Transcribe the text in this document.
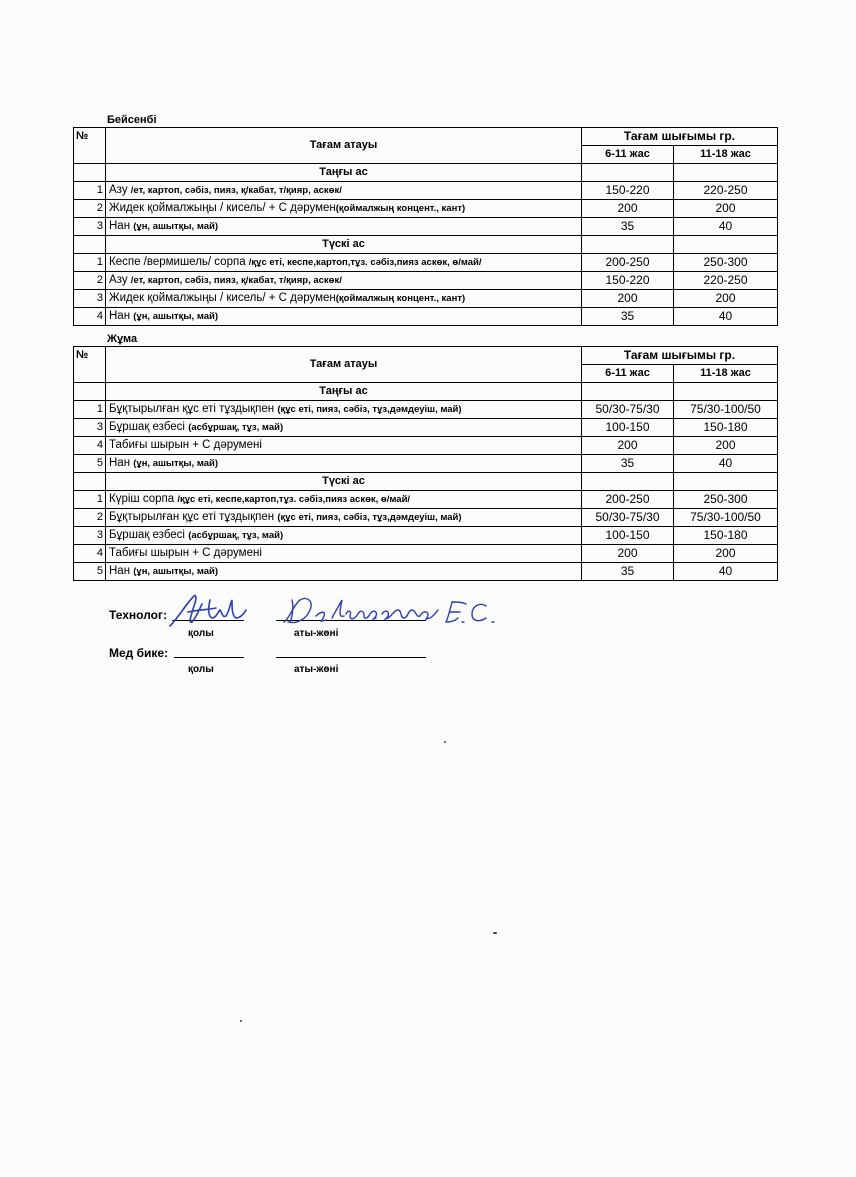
Бейсенбі
№	Тағам атауы	Тағам шығымы гр.	
		6-11 жас	11-18 жас
	Таңғы ас		
1	Азу /ет, картоп, сәбіз, пияз, қ/кабат, т/қияр, аскөк/	150-220	220-250
2	Жидек қоймалжыңы / кисель/ + С дәрумен(қоймалжың концент., кант)	200	200
3	Нан (ұн, ашытқы, май)	35	40
	Түскі ас		
1	Кеспе /вермишель/ сорпа /құс еті, кеспе,картоп,тұз. сәбіз,пияз аскөк, ө/май/	200-250	250-300
2	Азу /ет, картоп, сәбіз, пияз, қ/кабат, т/қияр, аскөк/	150-220	220-250
3	Жидек қоймалжыңы / кисель/ + С дәрумен(қоймалжың концент., кант)	200	200
4	Нан (ұн, ашытқы, май)	35	40
Жұма
№	Тағам атауы	Тағам шығымы гр.	
		6-11 жас	11-18 жас
	Таңғы ас		
1	Бұқтырылған құс еті тұздықпен (құс еті, пияз, сәбіз, тұз,дәмдеуіш, май)	50/30-75/30	75/30-100/50
3	Бұршақ езбесі (асбұршақ, тұз, май)	100-150	150-180
4	Табиғы шырын + С дәрумені	200	200
5	Нан (ұн, ашытқы, май)	35	40
	Түскі ас		
1	Күріш сорпа /құс еті, кеспе,картоп,тұз. сәбіз,пияз аскөк, ө/май/	200-250	250-300
2	Бұқтырылған құс еті тұздықпен (құс еті, пияз, сәбіз, тұз,дәмдеуіш, май)	50/30-75/30	75/30-100/50
3	Бұршақ езбесі (асбұршақ, тұз, май)	100-150	150-180
4	Табиғы шырын + С дәрумені	200	200
5	Нан (ұн, ашытқы, май)	35	40
Технолог:
қолы	аты-жөні
Мед бике:
қолы	аты-жөні
